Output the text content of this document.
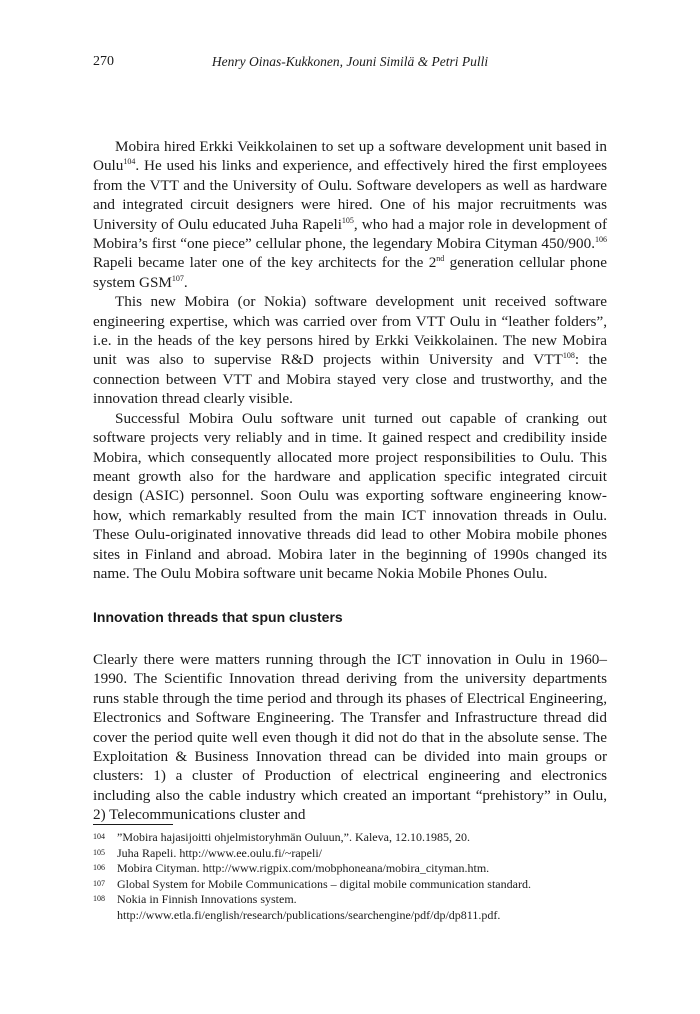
270	Henry Oinas-Kukkonen, Jouni Similä & Petri Pulli

Mobira hired Erkki Veikkolainen to set up a software development unit based in Oulu$^{104}$. He used his links and experience, and effectively hired the first employees from the VTT and the University of Oulu. Software developers as well as hardware and integrated circuit designers were hired. One of his major recruitments was University of Oulu educated Juha Rapeli$^{105}$, who had a major role in development of Mobira’s first “one piece” cellular phone, the legendary Mobira Cityman 450/900.$^{106}$ Rapeli became later one of the key architects for the 2nd generation cellular phone system GSM$^{107}$.

This new Mobira (or Nokia) software development unit received software engineering expertise, which was carried over from VTT Oulu in “leather folders”, i.e. in the heads of the key persons hired by Erkki Veikkolainen. The new Mobira unit was also to supervise R&D projects within University and VTT$^{108}$: the connection between VTT and Mobira stayed very close and trustworthy, and the innovation thread clearly visible.

Successful Mobira Oulu software unit turned out capable of cranking out software projects very reliably and in time. It gained respect and credibility inside Mobira, which consequently allocated more project responsibilities to Oulu. This meant growth also for the hardware and application specific integrated circuit design (ASIC) personnel. Soon Oulu was exporting software engineering know-how, which remarkably resulted from the main ICT innovation threads in Oulu. These Oulu-originated innovative threads did lead to other Mobira mobile phones sites in Finland and abroad. Mobira later in the beginning of 1990s changed its name. The Oulu Mobira software unit became Nokia Mobile Phones Oulu.

Innovation threads that spun clusters

Clearly there were matters running through the ICT innovation in Oulu in 1960–1990. The Scientific Innovation thread deriving from the university departments runs stable through the time period and through its phases of Electrical Engineering, Electronics and Software Engineering. The Transfer and Infrastructure thread did cover the period quite well even though it did not do that in the absolute sense. The Exploitation & Business Innovation thread can be divided into main groups or clusters: 1) a cluster of Production of electrical engineering and electronics including also the cable industry which created an important “prehistory” in Oulu, 2) Telecommunications cluster and

104 ”Mobira hajasijoitti ohjelmistoryhmän Ouluun,”. Kaleva, 12.10.1985, 20.
105 Juha Rapeli. http://www.ee.oulu.fi/~rapeli/
106 Mobira Cityman. http://www.rigpix.com/mobphoneana/mobira_cityman.htm.
107 Global System for Mobile Communications – digital mobile communication standard.
108 Nokia in Finnish Innovations system.
http://www.etla.fi/english/research/publications/searchengine/pdf/dp/dp811.pdf.
